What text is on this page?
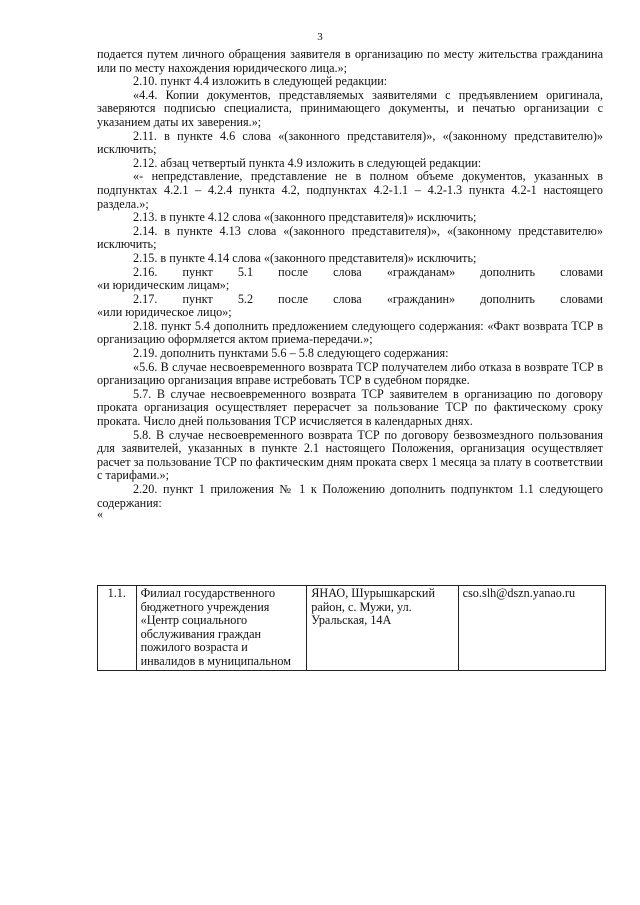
3

подается путем личного обращения заявителя в организацию по месту жительства гражданина или по месту нахождения юридического лица.»;

2.10. пункт 4.4 изложить в следующей редакции:

«4.4. Копии документов, представляемых заявителями с предъявлением оригинала, заверяются подписью специалиста, принимающего документы, и печатью организации с указанием даты их заверения.»;

2.11. в пункте 4.6 слова «(законного представителя)», «(законному представителю)» исключить;

2.12. абзац четвертый пункта 4.9 изложить в следующей редакции:

«- непредставление, представление не в полном объеме документов, указанных в подпунктах 4.2.1 – 4.2.4 пункта 4.2, подпунктах 4.2-1.1 – 4.2-1.3 пункта 4.2-1 настоящего раздела.»;

2.13. в пункте 4.12 слова «(законного представителя)» исключить;

2.14. в пункте 4.13 слова «(законного представителя)», «(законному представителю» исключить;

2.15. в пункте 4.14 слова «(законного представителя)» исключить;

2.16. пункт 5.1 после слова «гражданам» дополнить словами

«и юридическим лицам»;

2.17. пункт 5.2 после слова «гражданин» дополнить словами

«или юридическое лицо»;

2.18. пункт 5.4 дополнить предложением следующего содержания: «Факт возврата ТСР в организацию оформляется актом приема-передачи.»;

2.19. дополнить пунктами 5.6 – 5.8 следующего содержания:

«5.6. В случае несвоевременного возврата ТСР получателем либо отказа в возврате ТСР в организацию организация вправе истребовать ТСР в судебном порядке.

5.7. В случае несвоевременного возврата ТСР заявителем в организацию по договору проката организация осуществляет перерасчет за пользование ТСР по фактическому сроку проката. Число дней пользования ТСР исчисляется в календарных днях.

5.8. В случае несвоевременного возврата ТСР по договору безвозмездного пользования для заявителей, указанных в пункте 2.1 настоящего Положения, организация осуществляет расчет за пользование ТСР по фактическим дням проката сверх 1 месяца за плату в соответствии с тарифами.»;

2.20. пункт 1 приложения № 1 к Положению дополнить подпунктом 1.1 следующего содержания:

«

1.1.	Филиал государственного бюджетного учреждения «Центр социального обслуживания граждан пожилого возраста и инвалидов в муниципальном	ЯНАО, Шурышкарский район, с. Мужи, ул. Уральская, 14А	cso.slh@dszn.yanao.ru
